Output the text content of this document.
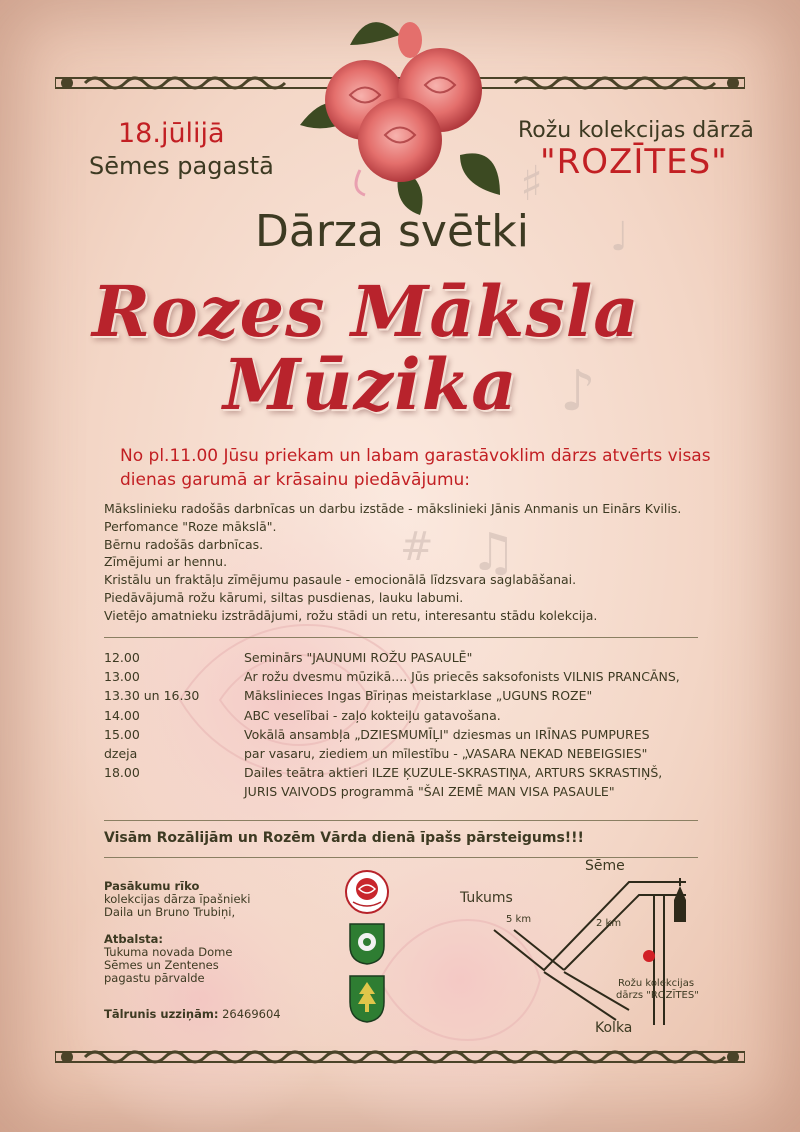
♯
♪
♫
#
♩
18.jūlijā
Sēmes pagastā
Rožu kolekcijas dārzā
"ROZĪTES"
Dārza svētki
Rozes Māksla
Mūzika
No pl.11.00 Jūsu priekam un labam garastāvoklim dārzs atvērts visas dienas garumā ar krāsainu piedāvājumu:
Mākslinieku radošās darbnīcas un darbu izstāde - mākslinieki Jānis Anmanis un Einārs Kvilis.
Perfomance "Roze mākslā".
Bērnu radošās darbnīcas.
Zīmējumi ar hennu.
Kristālu un fraktāļu zīmējumu pasaule - emocionālā līdzsvara saglabāšanai.
Piedāvājumā rožu kārumi, siltas pusdienas, lauku labumi.
Vietējo amatnieku izstrādājumi, rožu stādi un retu, interesantu stādu kolekcija.
12.00	Seminārs "JAUNUMI ROŽU PASAULĒ"
13.00	Ar rožu dvesmu mūzikā.... Jūs priecēs saksofonists VILNIS PRANCĀNS,
13.30 un 16.30	Mākslinieces Ingas Bīriņas meistarklase „UGUNS ROZE"
14.00	ABC veselībai - zaļo kokteiļu gatavošana.
15.00	Vokālā ansambļa „DZIESMUMĪĻI" dziesmas un IRĪNAS PUMPURES
dzeja	par vasaru, ziediem un mīlestību - „VASARA NEKAD NEBEIGSIES"
18.00	Dailes teātra aktieri ILZE ĶUZULE-SKRASTIŅA, ARTURS SKRASTIŅŠ,
JURIS VAIVODS programmā "ŠAI ZEMĒ MAN VISA PASAULE"
Visām Rozālijām un Rozēm Vārda dienā īpašs pārsteigums!!!
Pasākumu rīko
kolekcijas dārza īpašnieki
Daila un Bruno Trubiņi,
Atbalsta:
Tukuma novada Dome
Sēmes un Zentenes
pagastu pārvalde
Tālrunis uzziņām: 26469604
Sēme
Tukums
5 km	2 km
Rožu kolekcijas
dārzs "ROZĪTES"
Kolka
